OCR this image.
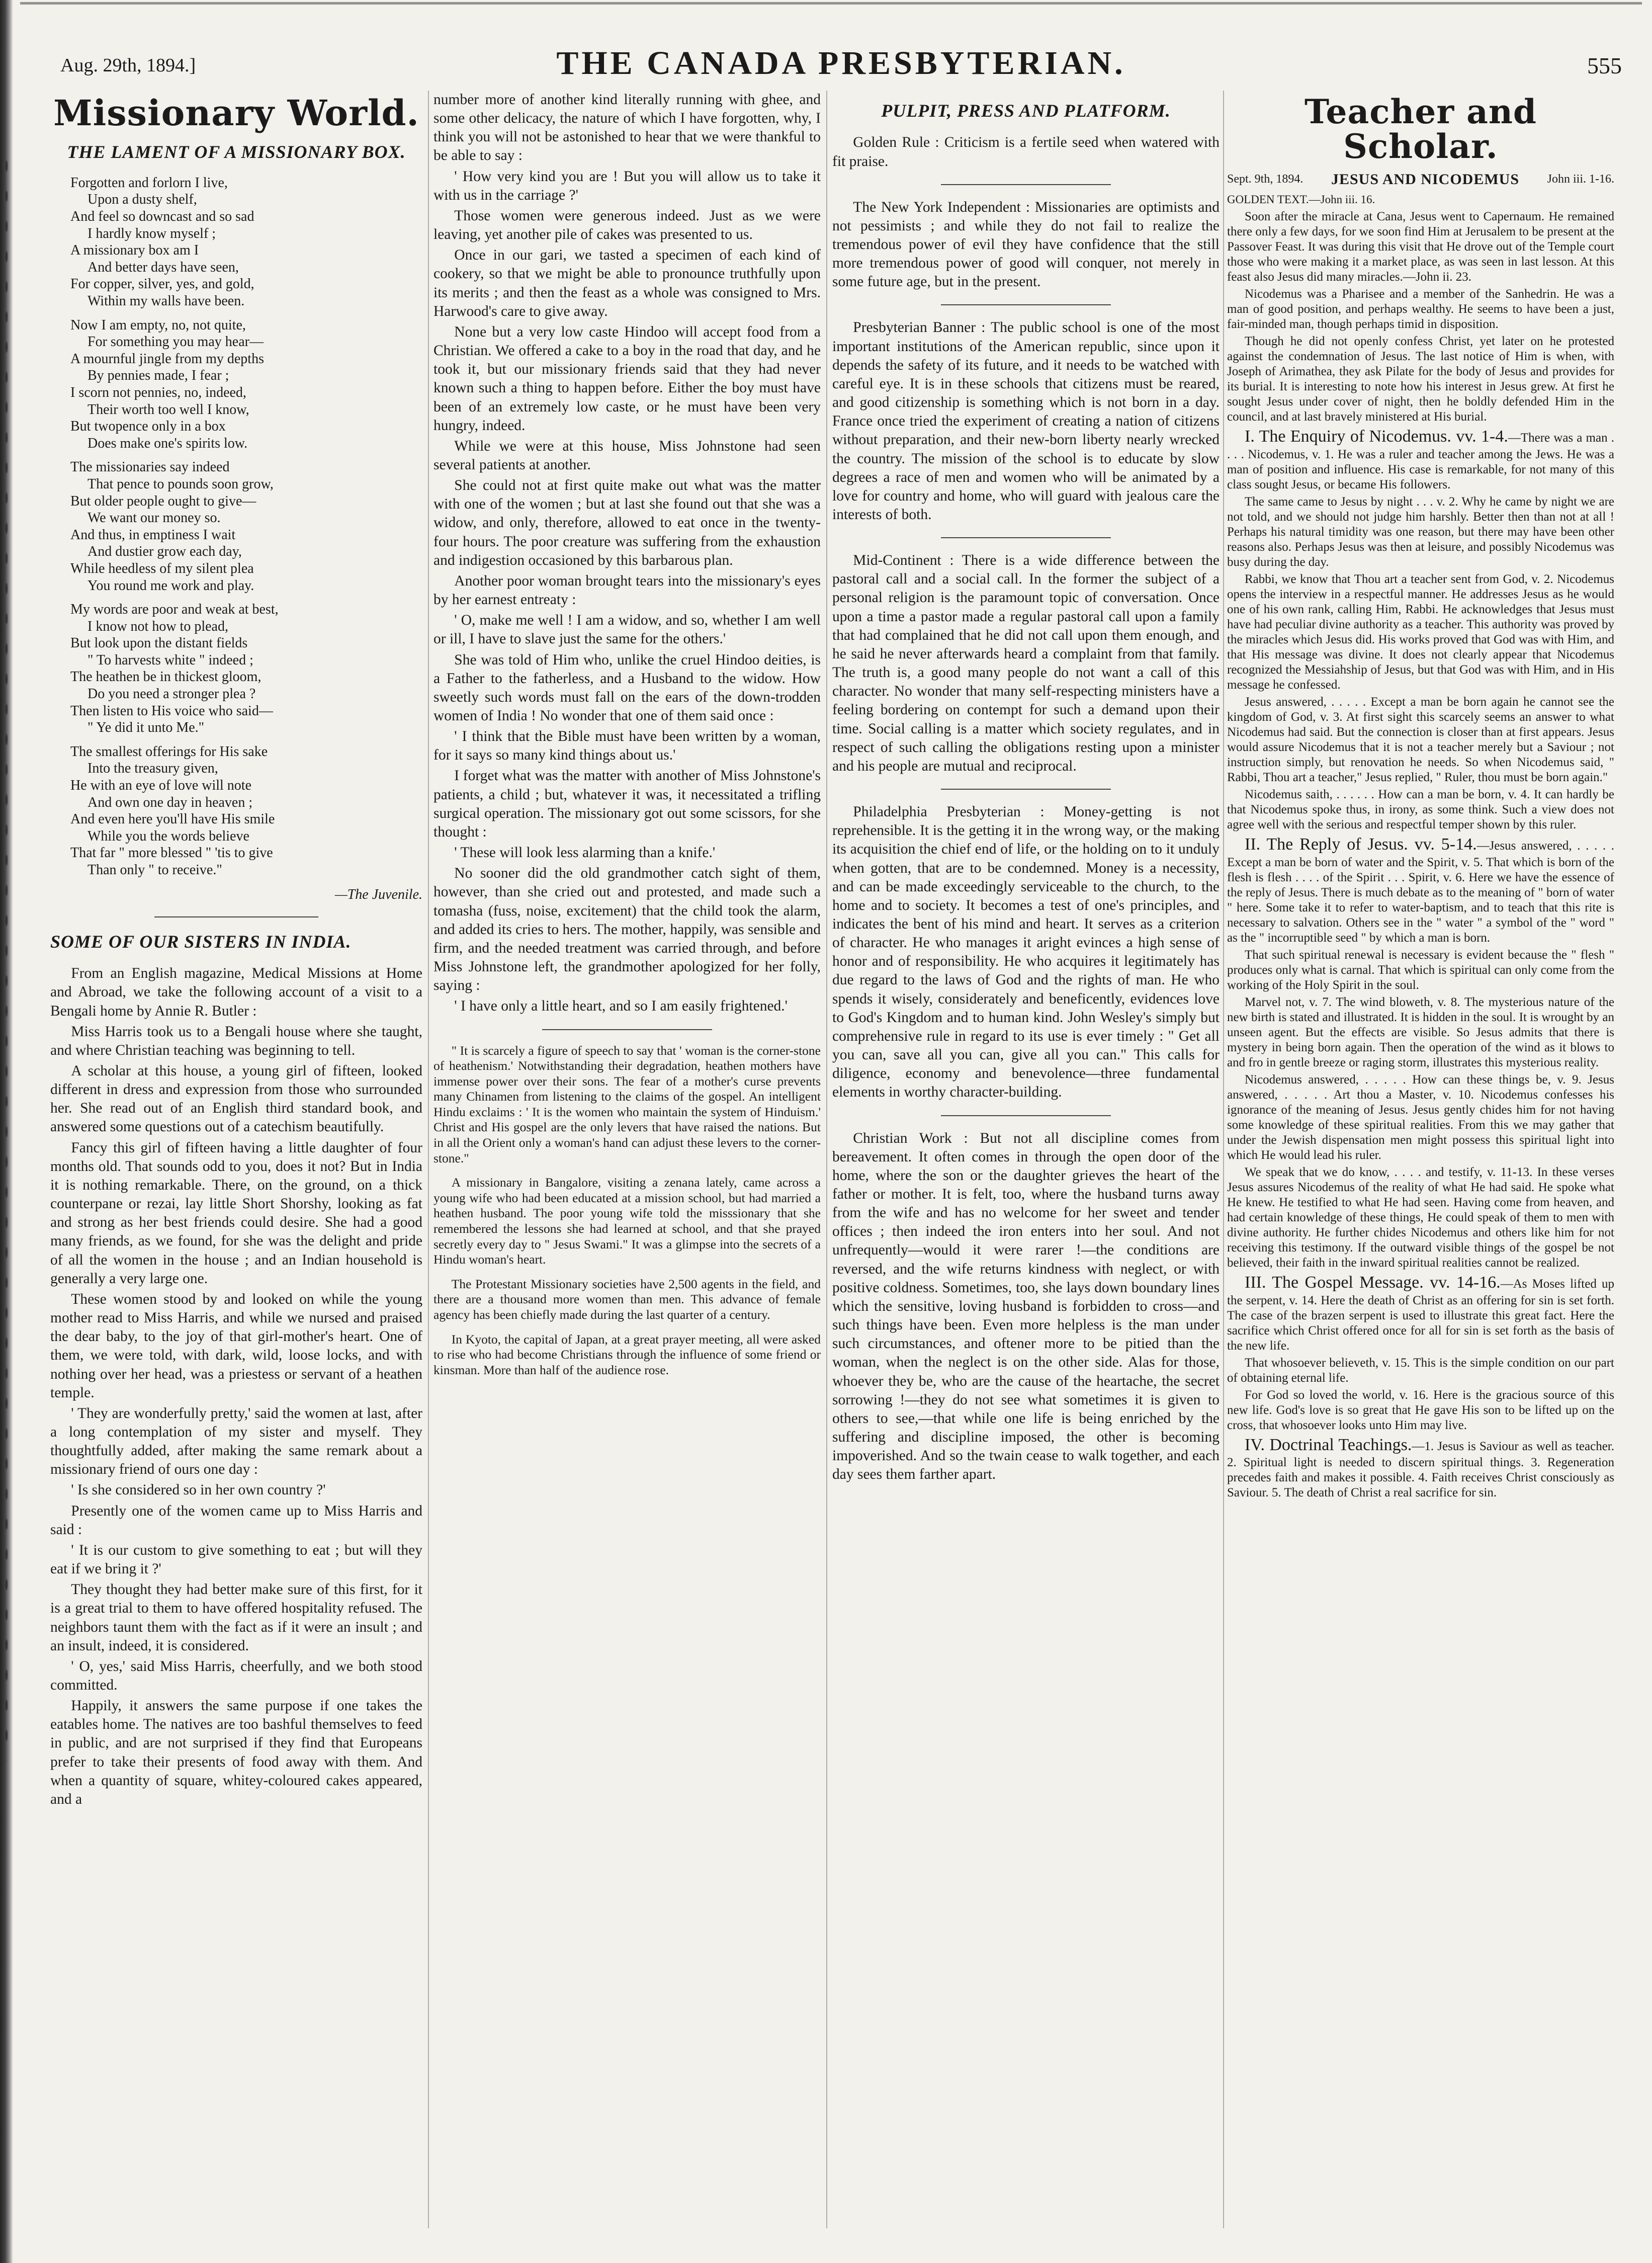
Aug. 29th, 1894.]	THE CANADA PRESBYTERIAN.	555
Missionary World.
THE LAMENT OF A MISSIONARY BOX.
Forgotten and forlorn I live,
Upon a dusty shelf,
And feel so downcast and so sad
I hardly know myself ;
A missionary box am I
And better days have seen,
For copper, silver, yes, and gold,
Within my walls have been.
Now I am empty, no, not quite,
For something you may hear—
A mournful jingle from my depths
By pennies made, I fear ;
I scorn not pennies, no, indeed,
Their worth too well I know,
But twopence only in a box
Does make one's spirits low.
The missionaries say indeed
That pence to pounds soon grow,
But older people ought to give—
We want our money so.
And thus, in emptiness I wait
And dustier grow each day,
While heedless of my silent plea
You round me work and play.
My words are poor and weak at best,
I know not how to plead,
But look upon the distant fields
" To harvests white " indeed ;
The heathen be in thickest gloom,
Do you need a stronger plea ?
Then listen to His voice who said—
" Ye did it unto Me."
The smallest offerings for His sake
Into the treasury given,
He with an eye of love will note
And own one day in heaven ;
And even here you'll have His smile
While you the words believe
That far " more blessed " 'tis to give
Than only " to receive."
—The Juvenile.
SOME OF OUR SISTERS IN INDIA.

From an English magazine, Medical Missions at Home and Abroad, we take the following account of a visit to a Bengali home by Annie R. Butler :

Miss Harris took us to a Bengali house where she taught, and where Christian teaching was beginning to tell.

A scholar at this house, a young girl of fifteen, looked different in dress and expression from those who surrounded her. She read out of an English third standard book, and answered some questions out of a catechism beautifully.

Fancy this girl of fifteen having a little daughter of four months old. That sounds odd to you, does it not? But in India it is nothing remarkable. There, on the ground, on a thick counterpane or rezai, lay little Short Shorshy, looking as fat and strong as her best friends could desire. She had a good many friends, as we found, for she was the delight and pride of all the women in the house ; and an Indian household is generally a very large one.

These women stood by and looked on while the young mother read to Miss Harris, and while we nursed and praised the dear baby, to the joy of that girl-mother's heart. One of them, we were told, with dark, wild, loose locks, and with nothing over her head, was a priestess or servant of a heathen temple.

' They are wonderfully pretty,' said the women at last, after a long contemplation of my sister and myself. They thoughtfully added, after making the same remark about a missionary friend of ours one day :

' Is she considered so in her own country ?'

Presently one of the women came up to Miss Harris and said :

' It is our custom to give something to eat ; but will they eat if we bring it ?'

They thought they had better make sure of this first, for it is a great trial to them to have offered hospitality refused. The neighbors taunt them with the fact as if it were an insult ; and an insult, indeed, it is considered.

' O, yes,' said Miss Harris, cheerfully, and we both stood committed.

Happily, it answers the same purpose if one takes the eatables home. The natives are too bashful themselves to feed in public, and are not surprised if they find that Europeans prefer to take their presents of food away with them. And when a quantity of square, whitey-coloured cakes appeared, and a

number more of another kind literally running with ghee, and some other delicacy, the nature of which I have forgotten, why, I think you will not be astonished to hear that we were thankful to be able to say :

' How very kind you are ! But you will allow us to take it with us in the carriage ?'

Those women were generous indeed. Just as we were leaving, yet another pile of cakes was presented to us.

Once in our gari, we tasted a specimen of each kind of cookery, so that we might be able to pronounce truthfully upon its merits ; and then the feast as a whole was consigned to Mrs. Harwood's care to give away.

None but a very low caste Hindoo will accept food from a Christian. We offered a cake to a boy in the road that day, and he took it, but our missionary friends said that they had never known such a thing to happen before. Either the boy must have been of an extremely low caste, or he must have been very hungry, indeed.

While we were at this house, Miss Johnstone had seen several patients at another.

She could not at first quite make out what was the matter with one of the women ; but at last she found out that she was a widow, and only, therefore, allowed to eat once in the twenty-four hours. The poor creature was suffering from the exhaustion and indigestion occasioned by this barbarous plan.

Another poor woman brought tears into the missionary's eyes by her earnest entreaty :

' O, make me well ! I am a widow, and so, whether I am well or ill, I have to slave just the same for the others.'

She was told of Him who, unlike the cruel Hindoo deities, is a Father to the fatherless, and a Husband to the widow. How sweetly such words must fall on the ears of the down-trodden women of India ! No wonder that one of them said once :

' I think that the Bible must have been written by a woman, for it says so many kind things about us.'

I forget what was the matter with another of Miss Johnstone's patients, a child ; but, whatever it was, it necessitated a trifling surgical operation. The missionary got out some scissors, for she thought :

' These will look less alarming than a knife.'

No sooner did the old grandmother catch sight of them, however, than she cried out and protested, and made such a tomasha (fuss, noise, excitement) that the child took the alarm, and added its cries to hers. The mother, happily, was sensible and firm, and the needed treatment was carried through, and before Miss Johnstone left, the grandmother apologized for her folly, saying :

' I have only a little heart, and so I am easily frightened.'

" It is scarcely a figure of speech to say that ' woman is the corner-stone of heathenism.' Notwithstanding their degradation, heathen mothers have immense power over their sons. The fear of a mother's curse prevents many Chinamen from listening to the claims of the gospel. An intelligent Hindu exclaims : ' It is the women who maintain the system of Hinduism.' Christ and His gospel are the only levers that have raised the nations. But in all the Orient only a woman's hand can adjust these levers to the corner-stone."

A missionary in Bangalore, visiting a zenana lately, came across a young wife who had been educated at a mission school, but had married a heathen husband. The poor young wife told the misssionary that she remembered the lessons she had learned at school, and that she prayed secretly every day to " Jesus Swami." It was a glimpse into the secrets of a Hindu woman's heart.

The Protestant Missionary societies have 2,500 agents in the field, and there are a thousand more women than men. This advance of female agency has been chiefly made during the last quarter of a century.

In Kyoto, the capital of Japan, at a great prayer meeting, all were asked to rise who had become Christians through the influence of some friend or kinsman. More than half of the audience rose.

PULPIT, PRESS AND PLATFORM.

Golden Rule : Criticism is a fertile seed when watered with fit praise.

The New York Independent : Missionaries are optimists and not pessimists ; and while they do not fail to realize the tremendous power of evil they have confidence that the still more tremendous power of good will conquer, not merely in some future age, but in the present.

Presbyterian Banner : The public school is one of the most important institutions of the American republic, since upon it depends the safety of its future, and it needs to be watched with careful eye. It is in these schools that citizens must be reared, and good citizenship is something which is not born in a day. France once tried the experiment of creating a nation of citizens without preparation, and their new-born liberty nearly wrecked the country. The mission of the school is to educate by slow degrees a race of men and women who will be animated by a love for country and home, who will guard with jealous care the interests of both.

Mid-Continent : There is a wide difference between the pastoral call and a social call. In the former the subject of a personal religion is the paramount topic of conversation. Once upon a time a pastor made a regular pastoral call upon a family that had complained that he did not call upon them enough, and he said he never afterwards heard a complaint from that family. The truth is, a good many people do not want a call of this character. No wonder that many self-respecting ministers have a feeling bordering on contempt for such a demand upon their time. Social calling is a matter which society regulates, and in respect of such calling the obligations resting upon a minister and his people are mutual and reciprocal.

Philadelphia Presbyterian : Money-getting is not reprehensible. It is the getting it in the wrong way, or the making its acquisition the chief end of life, or the holding on to it unduly when gotten, that are to be condemned. Money is a necessity, and can be made exceedingly serviceable to the church, to the home and to society. It becomes a test of one's principles, and indicates the bent of his mind and heart. It serves as a criterion of character. He who manages it aright evinces a high sense of honor and of responsibility. He who acquires it legitimately has due regard to the laws of God and the rights of man. He who spends it wisely, considerately and beneficently, evidences love to God's Kingdom and to human kind. John Wesley's simply but comprehensive rule in regard to its use is ever timely : " Get all you can, save all you can, give all you can." This calls for diligence, economy and benevolence—three fundamental elements in worthy character-building.

Christian Work : But not all discipline comes from bereavement. It often comes in through the open door of the home, where the son or the daughter grieves the heart of the father or mother. It is felt, too, where the husband turns away from the wife and has no welcome for her sweet and tender offices ; then indeed the iron enters into her soul. And not unfrequently—would it were rarer !—the conditions are reversed, and the wife returns kindness with neglect, or with positive coldness. Sometimes, too, she lays down boundary lines which the sensitive, loving husband is forbidden to cross—and such things have been. Even more helpless is the man under such circumstances, and oftener more to be pitied than the woman, when the neglect is on the other side. Alas for those, whoever they be, who are the cause of the heartache, the secret sorrowing !—they do not see what sometimes it is given to others to see,—that while one life is being enriched by the suffering and discipline imposed, the other is becoming impoverished. And so the twain cease to walk together, and each day sees them farther apart.

Teacher and Scholar.
Sept. 9th, 1894. JESUS AND NICODEMUS John iii. 1-16.
GOLDEN TEXT.—John iii. 16.

Soon after the miracle at Cana, Jesus went to Capernaum. He remained there only a few days, for we soon find Him at Jerusalem to be present at the Passover Feast. It was during this visit that He drove out of the Temple court those who were making it a market place, as was seen in last lesson. At this feast also Jesus did many miracles.—John ii. 23.

Nicodemus was a Pharisee and a member of the Sanhedrin. He was a man of good position, and perhaps wealthy. He seems to have been a just, fair-minded man, though perhaps timid in disposition.

Though he did not openly confess Christ, yet later on he protested against the condemnation of Jesus. The last notice of Him is when, with Joseph of Arimathea, they ask Pilate for the body of Jesus and provides for its burial. It is interesting to note how his interest in Jesus grew. At first he sought Jesus under cover of night, then he boldly defended Him in the council, and at last bravely ministered at His burial.

I. The Enquiry of Nicodemus. vv. 1-4.—There was a man . . . . Nicodemus, v. 1. He was a ruler and teacher among the Jews. He was a man of position and influence. His case is remarkable, for not many of this class sought Jesus, or became His followers.

The same came to Jesus by night . . . v. 2. Why he came by night we are not told, and we should not judge him harshly. Better then than not at all ! Perhaps his natural timidity was one reason, but there may have been other reasons also. Perhaps Jesus was then at leisure, and possibly Nicodemus was busy during the day.

Rabbi, we know that Thou art a teacher sent from God, v. 2. Nicodemus opens the interview in a respectful manner. He addresses Jesus as he would one of his own rank, calling Him, Rabbi. He acknowledges that Jesus must have had peculiar divine authority as a teacher. This authority was proved by the miracles which Jesus did. His works proved that God was with Him, and that His message was divine. It does not clearly appear that Nicodemus recognized the Messiahship of Jesus, but that God was with Him, and in His message he confessed.

Jesus answered, . . . . . Except a man be born again he cannot see the kingdom of God, v. 3. At first sight this scarcely seems an answer to what Nicodemus had said. But the connection is closer than at first appears. Jesus would assure Nicodemus that it is not a teacher merely but a Saviour ; not instruction simply, but renovation he needs. So when Nicodemus said, " Rabbi, Thou art a teacher," Jesus replied, " Ruler, thou must be born again."

Nicodemus saith, . . . . . . How can a man be born, v. 4. It can hardly be that Nicodemus spoke thus, in irony, as some think. Such a view does not agree well with the serious and respectful temper shown by this ruler.

II. The Reply of Jesus. vv. 5-14.—Jesus answered, . . . . . Except a man be born of water and the Spirit, v. 5. That which is born of the flesh is flesh . . . . of the Spirit . . . Spirit, v. 6. Here we have the essence of the reply of Jesus. There is much debate as to the meaning of " born of water " here. Some take it to refer to water-baptism, and to teach that this rite is necessary to salvation. Others see in the " water " a symbol of the " word " as the " incorruptible seed " by which a man is born.

That such spiritual renewal is necessary is evident because the " flesh " produces only what is carnal. That which is spiritual can only come from the working of the Holy Spirit in the soul.

Marvel not, v. 7. The wind bloweth, v. 8. The mysterious nature of the new birth is stated and illustrated. It is hidden in the soul. It is wrought by an unseen agent. But the effects are visible. So Jesus admits that there is mystery in being born again. Then the operation of the wind as it blows to and fro in gentle breeze or raging storm, illustrates this mysterious reality.

Nicodemus answered, . . . . . How can these things be, v. 9. Jesus answered, . . . . . Art thou a Master, v. 10. Nicodemus confesses his ignorance of the meaning of Jesus. Jesus gently chides him for not having some knowledge of these spiritual realities. From this we may gather that under the Jewish dispensation men might possess this spiritual light into which He would lead his ruler.

We speak that we do know, . . . . and testify, v. 11-13. In these verses Jesus assures Nicodemus of the reality of what He had said. He spoke what He knew. He testified to what He had seen. Having come from heaven, and had certain knowledge of these things, He could speak of them to men with divine authority. He further chides Nicodemus and others like him for not receiving this testimony. If the outward visible things of the gospel be not believed, their faith in the inward spiritual realities cannot be realized.

III. The Gospel Message. vv. 14-16.—As Moses lifted up the serpent, v. 14. Here the death of Christ as an offering for sin is set forth. The case of the brazen serpent is used to illustrate this great fact. Here the sacrifice which Christ offered once for all for sin is set forth as the basis of the new life.

That whosoever believeth, v. 15. This is the simple condition on our part of obtaining eternal life.

For God so loved the world, v. 16. Here is the gracious source of this new life. God's love is so great that He gave His son to be lifted up on the cross, that whosoever looks unto Him may live.

IV. Doctrinal Teachings.—1. Jesus is Saviour as well as teacher. 2. Spiritual light is needed to discern spiritual things. 3. Regeneration precedes faith and makes it possible. 4. Faith receives Christ consciously as Saviour. 5. The death of Christ a real sacrifice for sin.
